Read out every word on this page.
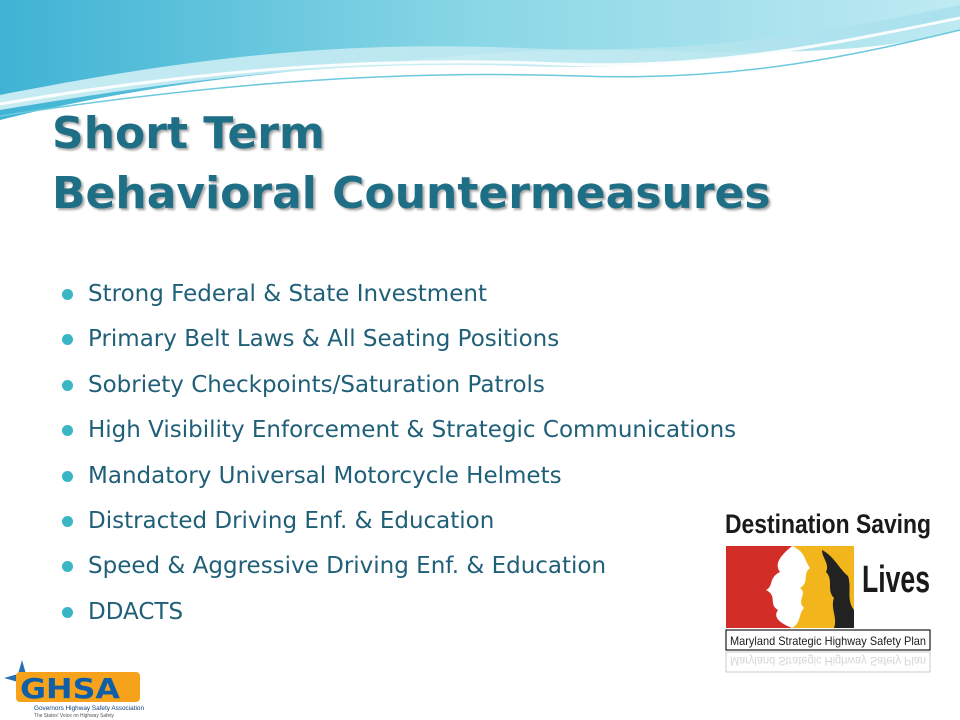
Short Term
Behavioral Countermeasures
Strong Federal & State Investment
Primary Belt Laws & All Seating Positions
Sobriety Checkpoints/Saturation Patrols
High Visibility Enforcement & Strategic Communications
Mandatory Universal Motorcycle Helmets
Distracted Driving Enf. & Education
Speed & Aggressive Driving Enf. & Education
DDACTS
Destination Saving
Lives
Maryland Strategic Highway Safety Plan
Maryland Strategic Highway Safety Plan
GHSA
Governors Highway Safety Association
The States' Voice on Highway Safety
